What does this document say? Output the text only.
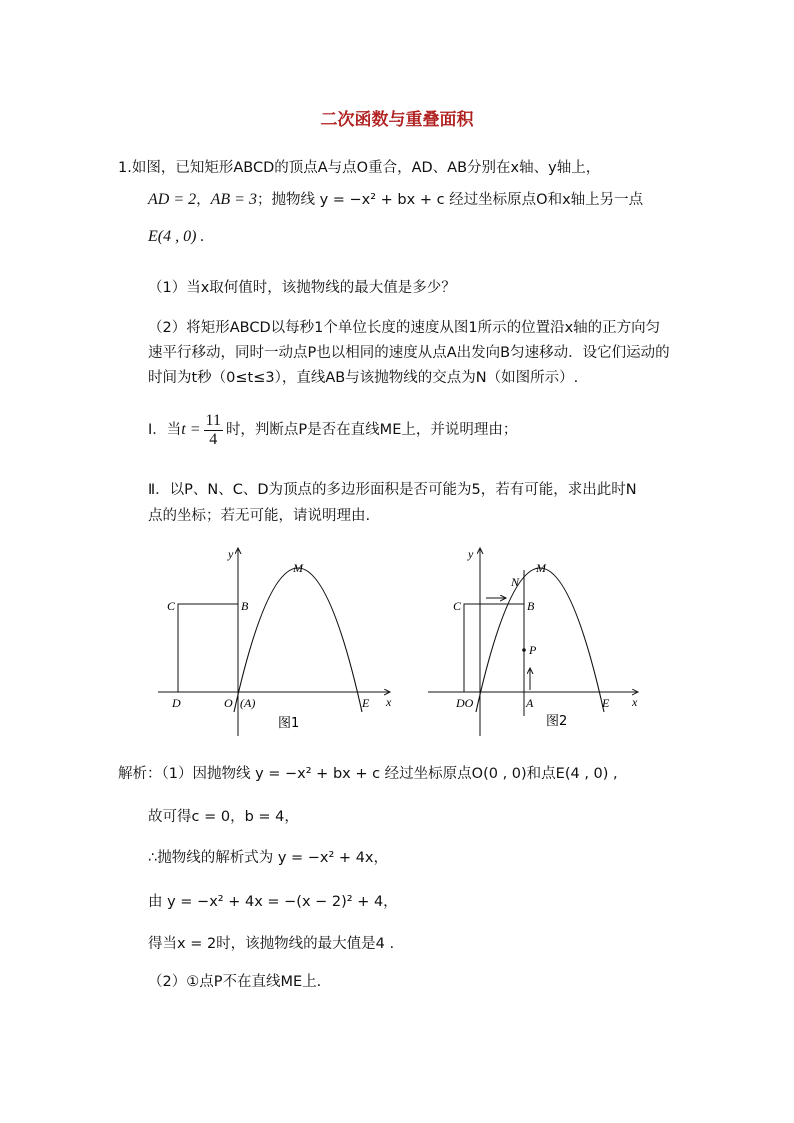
二次函数与重叠面积
1.如图，已知矩形ABCD的顶点A与点O重合，AD、AB分别在x轴、y轴上，
AD = 2，AB = 3；抛物线 y = −x² + bx + c 经过坐标原点O和x轴上另一点
E(4 , 0) .
（1）当x取何值时，该抛物线的最大值是多少？
（2）将矩形ABCD以每秒1个单位长度的速度从图1所示的位置沿x轴的正方向匀
速平行移动，同时一动点P也以相同的速度从点A出发向B匀速移动．设它们运动的
时间为t秒（0≤t≤3），直线AB与该抛物线的交点为N（如图所示）.
Ⅰ．当$t = \frac{11}{4}$ 时，判断点P是否在直线ME上，并说明理由；
Ⅱ．以P、N、C、D为顶点的多边形面积是否可能为5，若有可能，求出此时N
点的坐标；若无可能，请说明理由.
y
x
M
C	B
D	O (A)	E
图1
y
x
M
N
C	B
P
DO	A	E
图2
解析：（1）因抛物线 y = −x² + bx + c 经过坐标原点O(0 , 0)和点E(4 , 0) ,
故可得c = 0，b = 4，
∴抛物线的解析式为 y = −x² + 4x，
由 y = −x² + 4x = −(x − 2)² + 4，
得当x = 2时，该抛物线的最大值是4 .
（2）①点P不在直线ME上.
